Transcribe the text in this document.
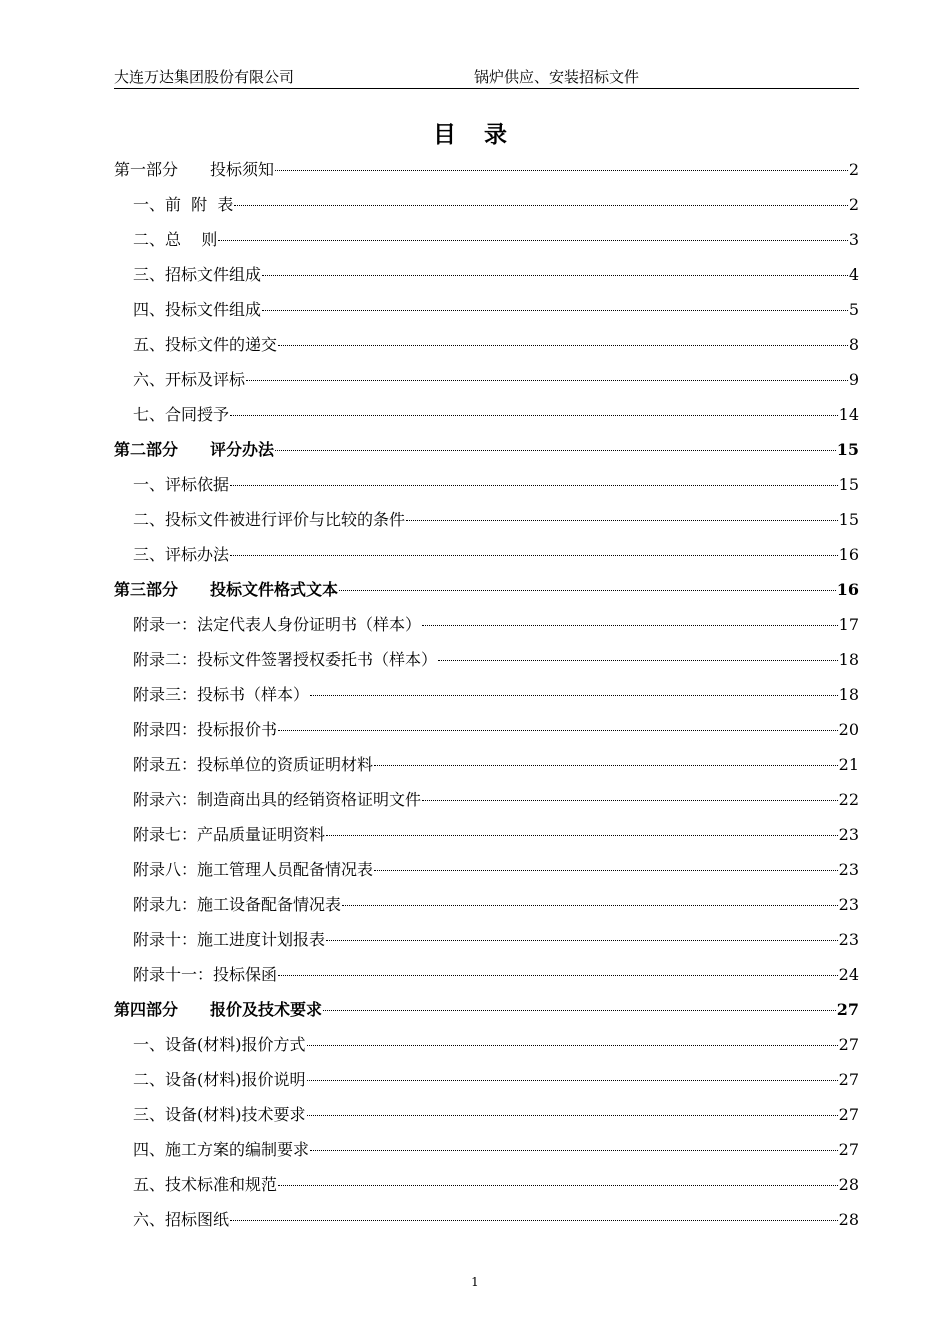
大连万达集团股份有限公司	锅炉供应、安装招标文件
目 录
第一部分 投标须知	2
一、前  附  表	2
二、总    则	3
三、招标文件组成	4
四、投标文件组成	5
五、投标文件的递交	8
六、开标及评标	9
七、合同授予	14
第二部分 评分办法	15
一、评标依据	15
二、投标文件被进行评价与比较的条件	15
三、评标办法	16
第三部分 投标文件格式文本	16
附录一：法定代表人身份证明书（样本）	17
附录二：投标文件签署授权委托书（样本）	18
附录三：投标书（样本）	18
附录四：投标报价书	20
附录五：投标单位的资质证明材料	21
附录六：制造商出具的经销资格证明文件	22
附录七：产品质量证明资料	23
附录八：施工管理人员配备情况表	23
附录九：施工设备配备情况表	23
附录十：施工进度计划报表	23
附录十一：投标保函	24
第四部分 报价及技术要求	27
一、设备(材料)报价方式	27
二、设备(材料)报价说明	27
三、设备(材料)技术要求	27
四、施工方案的编制要求	27
五、技术标准和规范	28
六、招标图纸	28
1
